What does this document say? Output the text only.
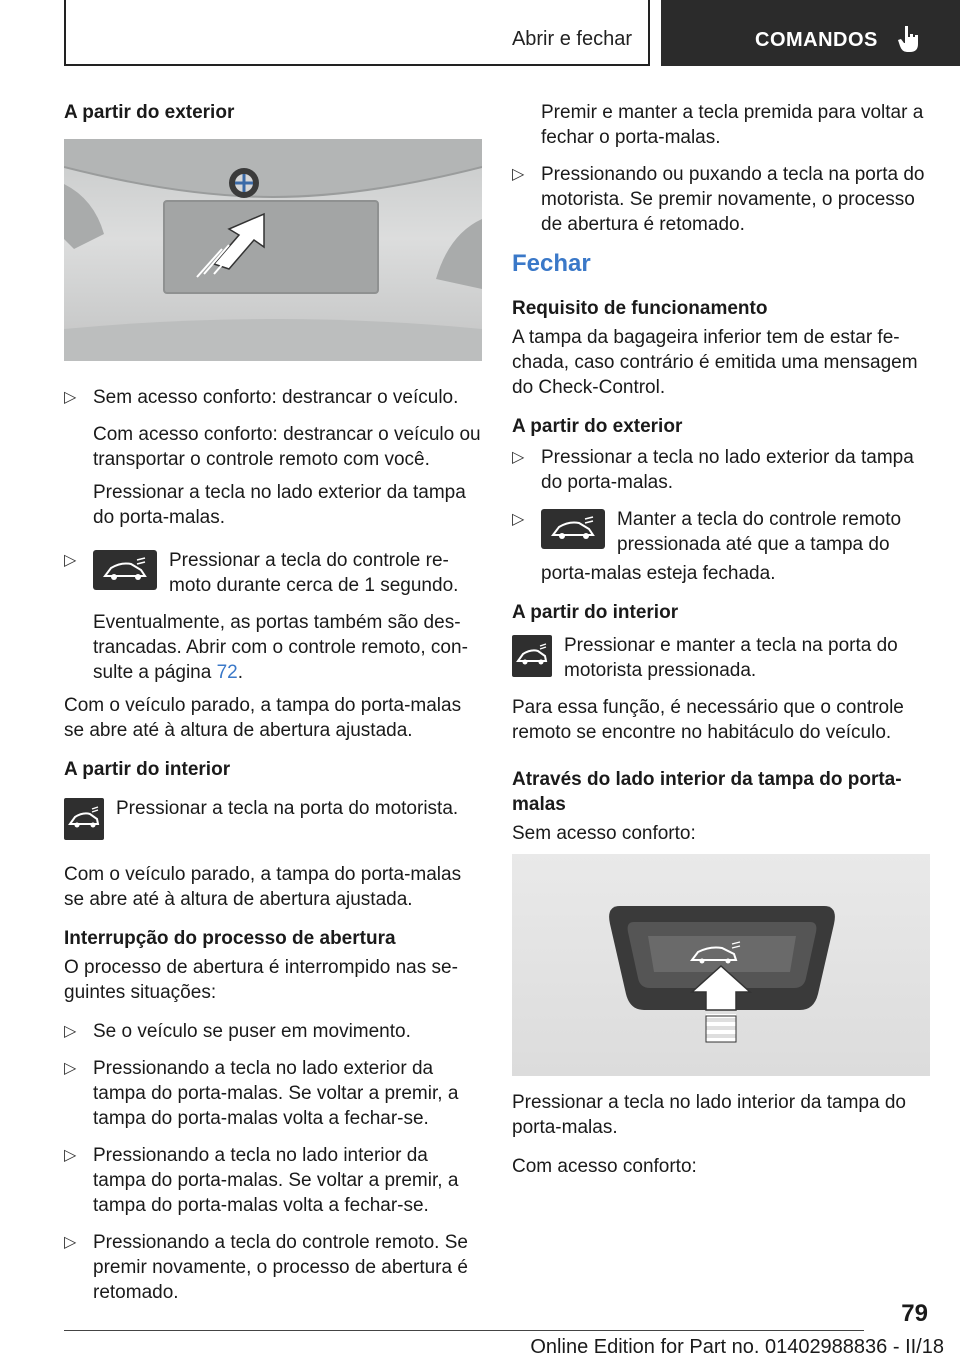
Abrir e fechar	COMANDOS
A partir do exterior
▷ Sem acesso conforto: destrancar o veículo.
Com acesso conforto: destrancar o veículo ou transportar o controle remoto com você.
Pressionar a tecla no lado exterior da tampa do porta-malas.
▷ Pressionar a tecla do controle remoto durante cerca de 1 segundo.
Eventualmente, as portas também são destrancadas. Abrir com o controle remoto, consulte a página 72.

Com o veículo parado, a tampa do porta-malas se abre até à altura de abertura ajustada.

A partir do interior
Pressionar a tecla na porta do motorista.

Com o veículo parado, a tampa do porta-malas se abre até à altura de abertura ajustada.

Interrupção do processo de abertura

O processo de abertura é interrompido nas seguintes situações:

▷ Se o veículo se puser em movimento.
▷ Pressionando a tecla no lado exterior da tampa do porta-malas. Se voltar a premir, a tampa do porta-malas volta a fechar-se.
▷ Pressionando a tecla no lado interior da tampa do porta-malas. Se voltar a premir, a tampa do porta-malas volta a fechar-se.
▷ Pressionando a tecla do controle remoto. Se premir novamente, o processo de abertura é retomado.
Premir e manter a tecla premida para voltar a fechar o porta-malas.
▷ Pressionando ou puxando a tecla na porta do motorista. Se premir novamente, o processo de abertura é retomado.
Fechar
Requisito de funcionamento

A tampa da bagageira inferior tem de estar fechada, caso contrário é emitida uma mensagem do Check-Control.

A partir do exterior
▷ Pressionar a tecla no lado exterior da tampa do porta-malas.
▷ Manter a tecla do controle remoto pressionada até que a tampa do
porta-malas esteja fechada.
A partir do interior
Pressionar e manter a tecla na porta do motorista pressionada.

Para essa função, é necessário que o controle remoto se encontre no habitáculo do veículo.

Através do lado interior da tampa do portamalas

Sem acesso conforto:

Pressionar a tecla no lado interior da tampa do porta-malas.

Com acesso conforto:

79
Online Edition for Part no. 01402988836 - II/18
